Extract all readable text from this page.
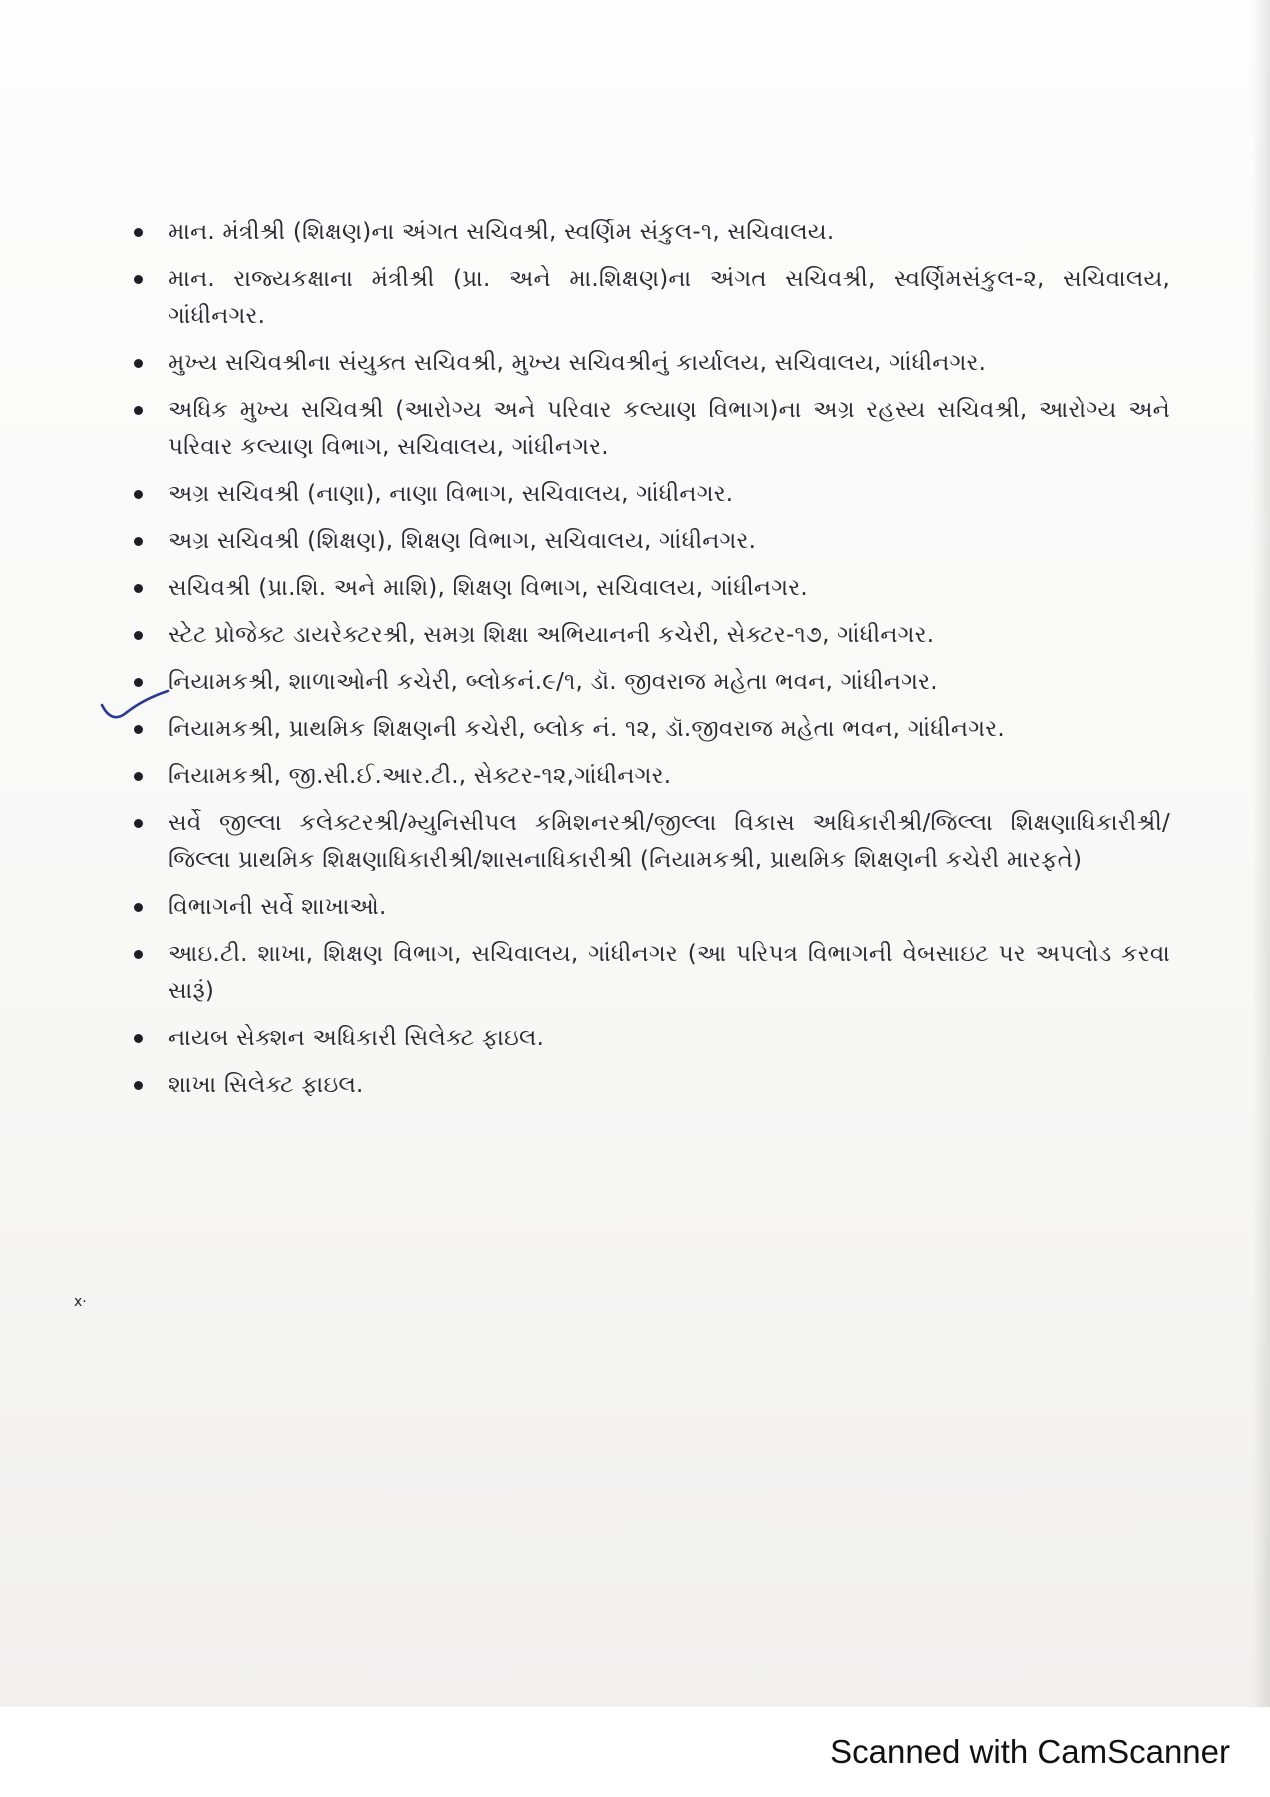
માન. મંત્રીશ્રી (શિક્ષણ)ના અંગત સચિવશ્રી, સ્વર્ણિમ સંકુલ-૧, સચિવાલય.
માન. રાજ્યકક્ષાના મંત્રીશ્રી (પ્રા. અને મા.શિક્ષણ)ના અંગત સચિવશ્રી, સ્વર્ણિમસંકુલ-૨, સચિવાલય, ગાંધીનગર.
મુખ્ય સચિવશ્રીના સંયુક્ત સચિવશ્રી, મુખ્ય સચિવશ્રીનું કાર્યાલય, સચિવાલય, ગાંધીનગર.
અધિક મુખ્ય સચિવશ્રી (આરોગ્ય અને પરિવાર કલ્યાણ વિભાગ)ના અગ્ર રહસ્ય સચિવશ્રી, આરોગ્ય અને પરિવાર કલ્યાણ વિભાગ, સચિવાલય, ગાંધીનગર.
અગ્ર સચિવશ્રી (નાણા), નાણા વિભાગ, સચિવાલય, ગાંધીનગર.
અગ્ર સચિવશ્રી (શિક્ષણ), શિક્ષણ વિભાગ, સચિવાલય, ગાંધીનગર.
સચિવશ્રી (પ્રા.શિ. અને માશિ), શિક્ષણ વિભાગ, સચિવાલય, ગાંધીનગર.
સ્ટેટ પ્રોજેક્ટ ડાયરેક્ટરશ્રી, સમગ્ર શિક્ષા અભિયાનની કચેરી, સેક્ટર-૧૭, ગાંધીનગર.
નિયામકશ્રી, શાળાઓની કચેરી, બ્લોકનં.૯/૧, ડૉ. જીવરાજ મહેતા ભવન, ગાંધીનગર.
નિયામકશ્રી, પ્રાથમિક શિક્ષણની કચેરી, બ્લોક નં. ૧૨, ડૉ.જીવરાજ મહેતા ભવન, ગાંધીનગર.
નિયામકશ્રી, જી.સી.ઈ.આર.ટી., સેક્ટર-૧૨,ગાંધીનગર.
સર્વે જીલ્લા કલેક્ટરશ્રી/મ્યુનિસીપલ કમિશનરશ્રી/જીલ્લા વિકાસ અધિકારીશ્રી/જિલ્લા શિક્ષણાધિકારીશ્રી/જિલ્લા પ્રાથમિક શિક્ષણાધિકારીશ્રી/શાસનાધિકારીશ્રી (નિયામકશ્રી, પ્રાથમિક શિક્ષણની કચેરી મારફતે)
વિભાગની સર્વે શાખાઓ.
આઇ.ટી. શાખા, શિક્ષણ વિભાગ, સચિવાલય, ગાંધીનગર (આ પરિપત્ર વિભાગની વેબસાઇટ પર અપલોડ કરવા સારૂં)
નાયબ સેક્શન અધિકારી સિલેક્ટ ફાઇલ.
શાખા સિલેક્ટ ફાઇલ.
x·
Scanned with CamScanner
